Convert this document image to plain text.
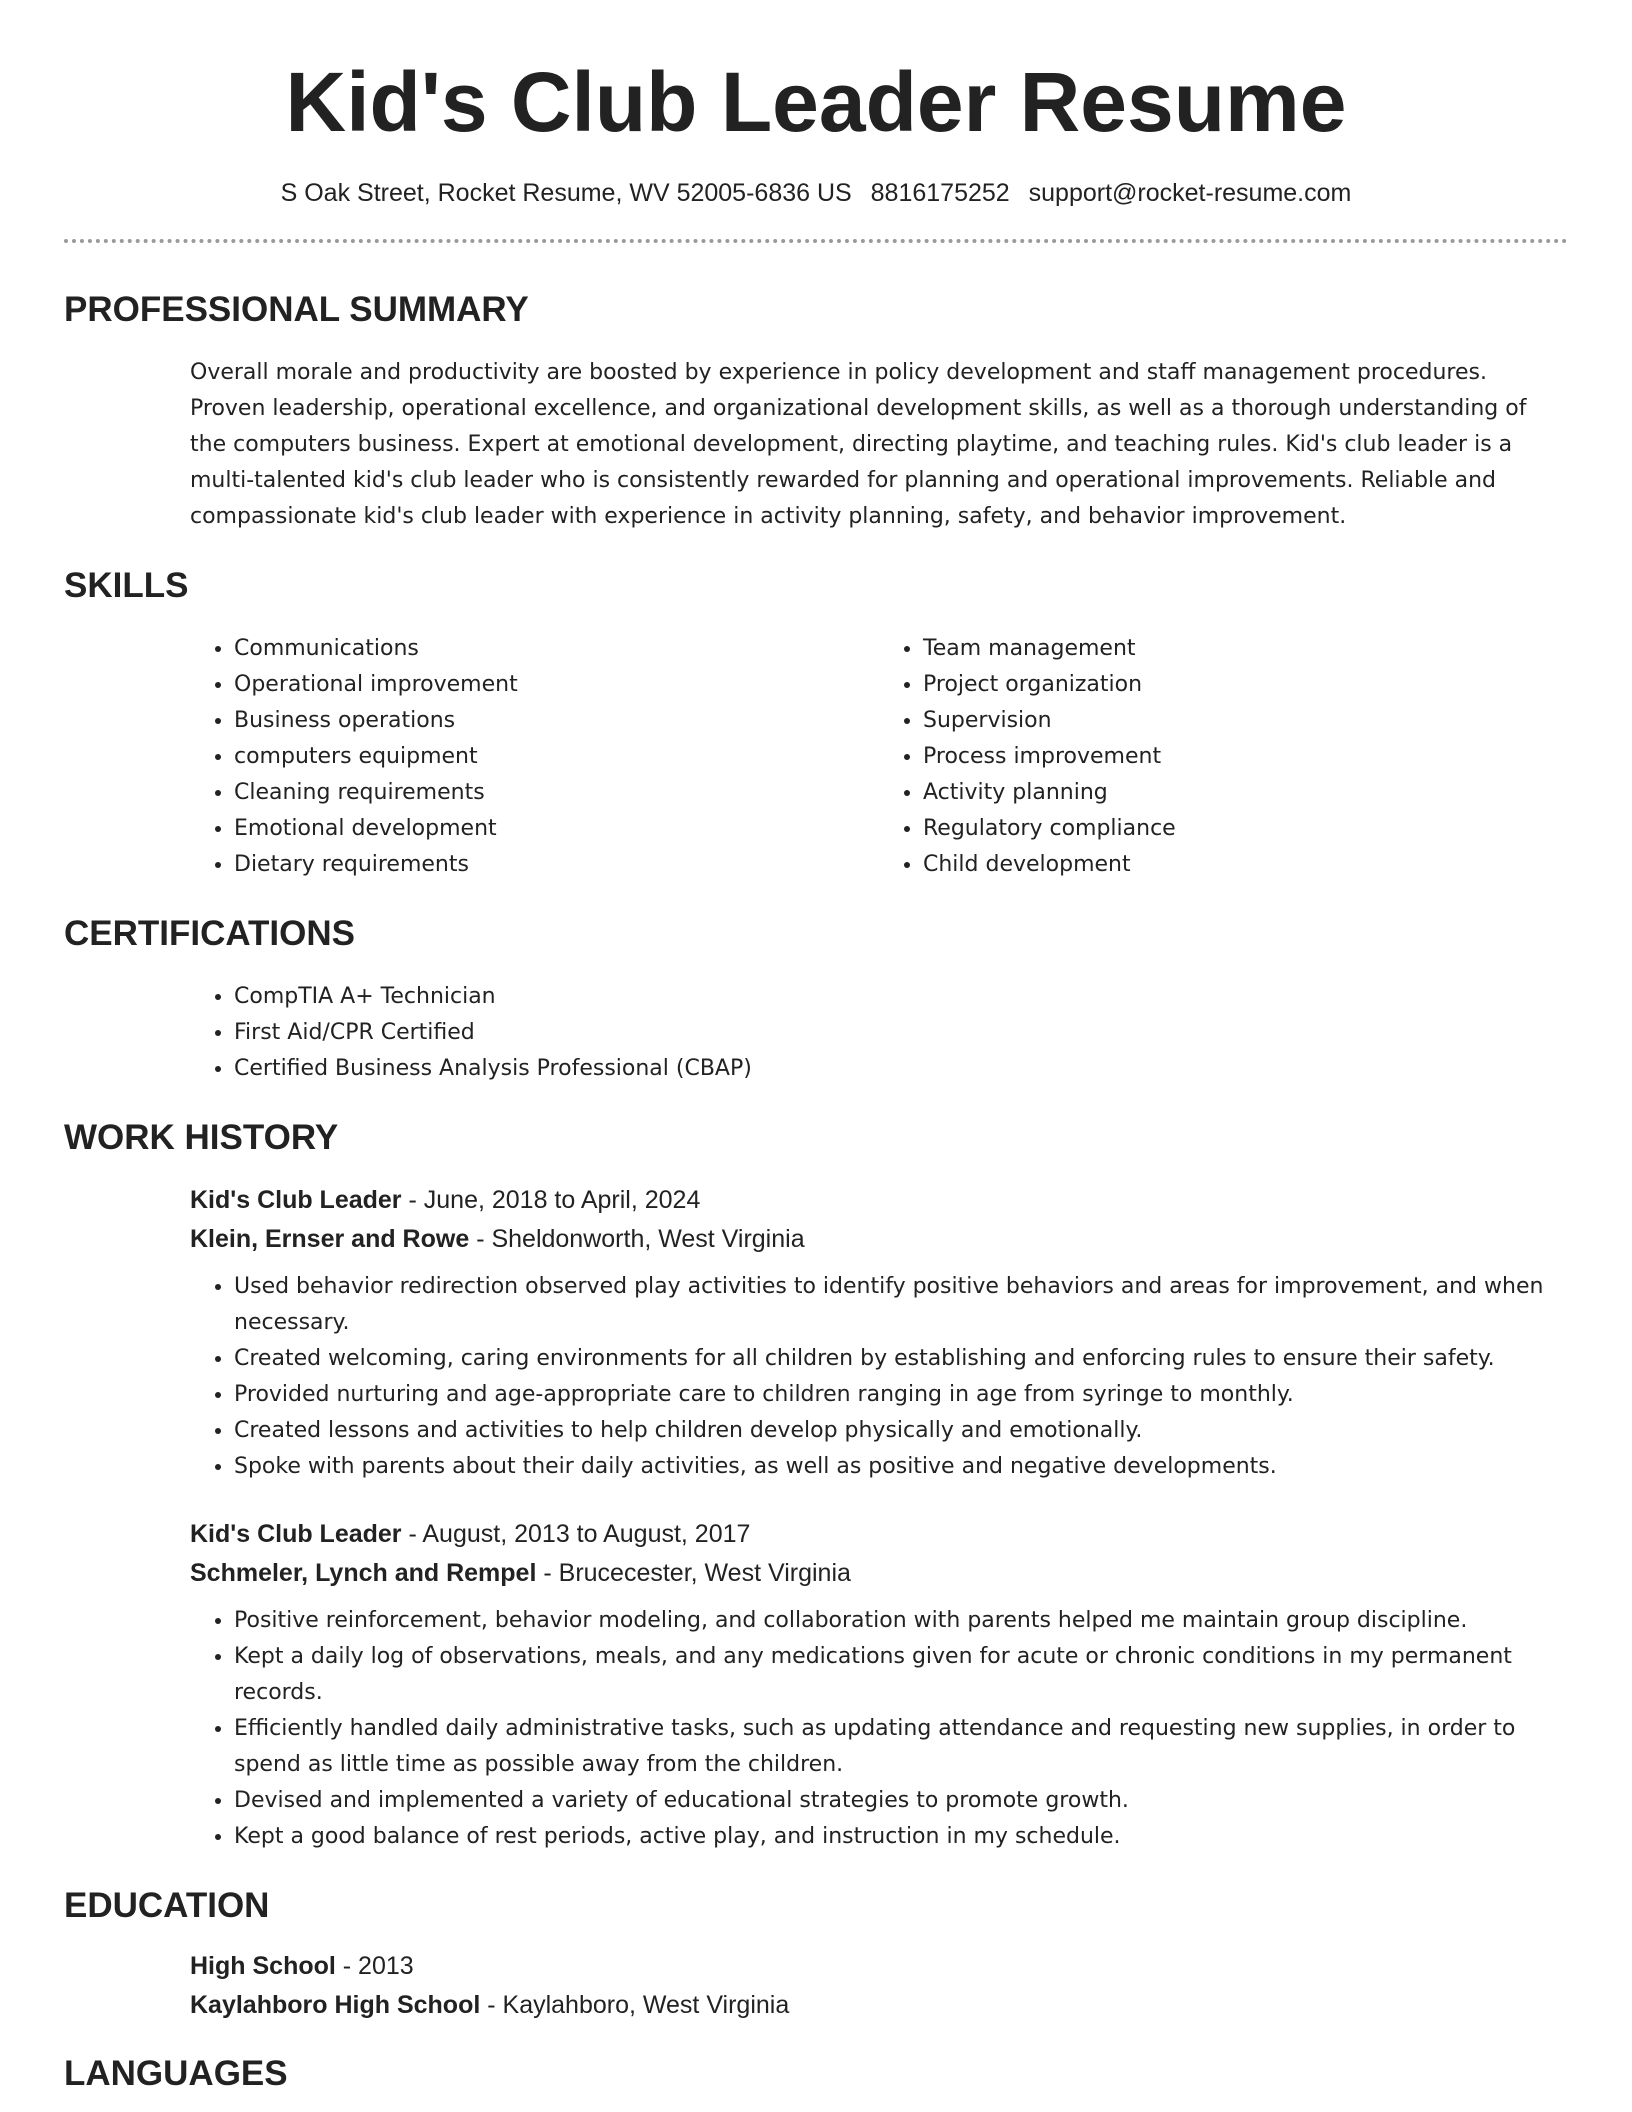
Kid's Club Leader Resume
S Oak Street, Rocket Resume, WV 52005-6836 US 8816175252 support@rocket-resume.com
PROFESSIONAL SUMMARY

Overall morale and productivity are boosted by experience in policy development and staff management procedures. Proven leadership, operational excellence, and organizational development skills, as well as a thorough understanding of the computers business. Expert at emotional development, directing playtime, and teaching rules. Kid's club leader is a multi-talented kid's club leader who is consistently rewarded for planning and operational improvements. Reliable and compassionate kid's club leader with experience in activity planning, safety, and behavior improvement.

SKILLS
• Communications
• Operational improvement
• Business operations
• computers equipment
• Cleaning requirements
• Emotional development
• Dietary requirements
• Team management
• Project organization
• Supervision
• Process improvement
• Activity planning
• Regulatory compliance
• Child development
CERTIFICATIONS
• CompTIA A+ Technician
• First Aid/CPR Certified
• Certified Business Analysis Professional (CBAP)
WORK HISTORY
Kid's Club Leader - June, 2018 to April, 2024
Klein, Ernser and Rowe - Sheldonworth, West Virginia
• Used behavior redirection observed play activities to identify positive behaviors and areas for improvement, and when necessary.
• Created welcoming, caring environments for all children by establishing and enforcing rules to ensure their safety.
• Provided nurturing and age-appropriate care to children ranging in age from syringe to monthly.
• Created lessons and activities to help children develop physically and emotionally.
• Spoke with parents about their daily activities, as well as positive and negative developments.
Kid's Club Leader - August, 2013 to August, 2017
Schmeler, Lynch and Rempel - Brucecester, West Virginia
• Positive reinforcement, behavior modeling, and collaboration with parents helped me maintain group discipline.
• Kept a daily log of observations, meals, and any medications given for acute or chronic conditions in my permanent records.
• Efficiently handled daily administrative tasks, such as updating attendance and requesting new supplies, in order to spend as little time as possible away from the children.
• Devised and implemented a variety of educational strategies to promote growth.
• Kept a good balance of rest periods, active play, and instruction in my schedule.
EDUCATION
High School - 2013
Kaylahboro High School - Kaylahboro, West Virginia
LANGUAGES
